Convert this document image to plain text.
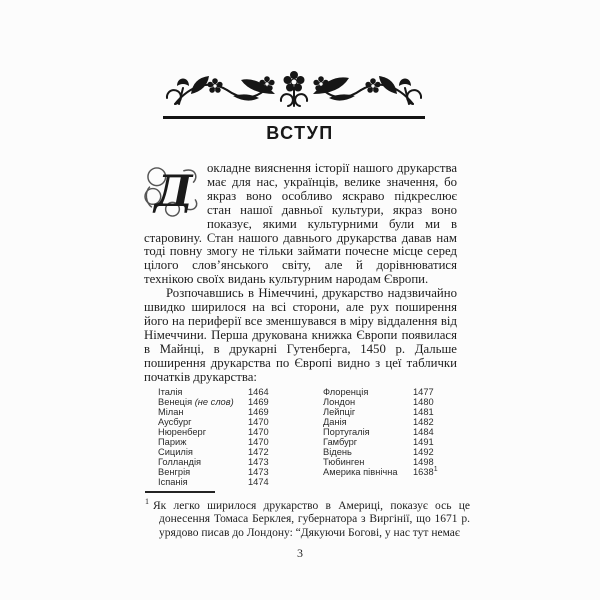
ВСТУП

Д окладне вияснення історії нашого друкарства має для нас, українців, велике значення, бо якраз воно особливо яскраво підкреслює стан нашої давньої культури, якраз воно показує, якими культурними були ми в старовину. Стан нашого давнього друкарства давав нам тоді повну змогу не тільки займати почесне місце серед цілого слов’янського світу, але й дорівнюватися технікою своїх видань культурним народам Європи.

Розпочавшись в Німеччині, друкарство надзвичайно швидко ширилося на всі сторони, але рух поширення його на периферії все зменшувався в міру віддалення від Німеччини. Перша друкована книжка Європи появилася в Майнці, в друкарні Гутенберга, 1450 р. Дальше поширення друкарства по Європі видно з цеї таблички початків друкарства:

Італія	1464
Венеція (не слов)	1469
Мілан	1469
Аусбург	1470
Нюренберг	1470
Париж	1470
Сицилія	1472
Голландія	1473
Венгрія	1473
Іспанія	1474
Флоренція	1477
Лондон	1480
Лейпціг	1481
Данія	1482
Португалія	1484
Гамбург	1491
Відень	1492
Тюбинген	1498
Америка північна	1638$^1$

$^1$ Як легко ширилося друкарство в Америці, показує ось це донесення Томаса Берклея, губернатора з Виргінії, що 1671 р. урядово писав до Лондону: “Дякуючи Богові, у нас тут немає

3
